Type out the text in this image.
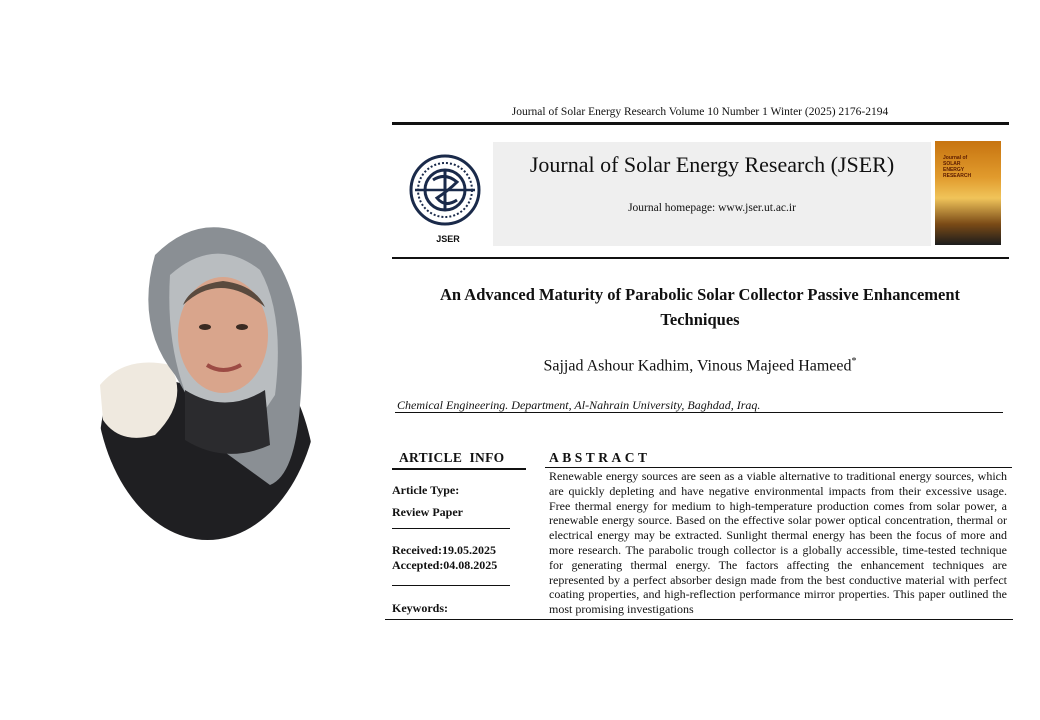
Journal of Solar Energy Research Volume 10 Number 1 Winter (2025) 2176-2194
JSER
Journal of Solar Energy Research (JSER)
Journal homepage: www.jser.ut.ac.ir
Journal of
SOLAR
ENERGY
RESEARCH
An Advanced Maturity of Parabolic Solar Collector Passive Enhancement
Techniques
Sajjad Ashour Kadhim, Vinous Majeed Hameed*
Chemical Engineering. Department, Al-Nahrain University, Baghdad, Iraq.
ARTICLE  INFO	ABSTRACT
Article Type:
Review Paper
Received:19.05.2025
Accepted:04.08.2025
Keywords:
Renewable energy sources are seen as a viable alternative to traditional energy sources, which are quickly depleting and have negative environmental impacts from their excessive usage. Free thermal energy for medium to high-temperature production comes from solar power, a renewable energy source. Based on the effective solar power optical concentration, thermal or electrical energy may be extracted. Sunlight thermal energy has been the focus of more and more research. The parabolic trough collector is a globally accessible, time-tested technique for generating thermal energy. The factors affecting the enhancement techniques are represented by a perfect absorber design made from the best conductive material with perfect coating properties, and high-reflection performance mirror properties. This paper outlined the most promising investigations
